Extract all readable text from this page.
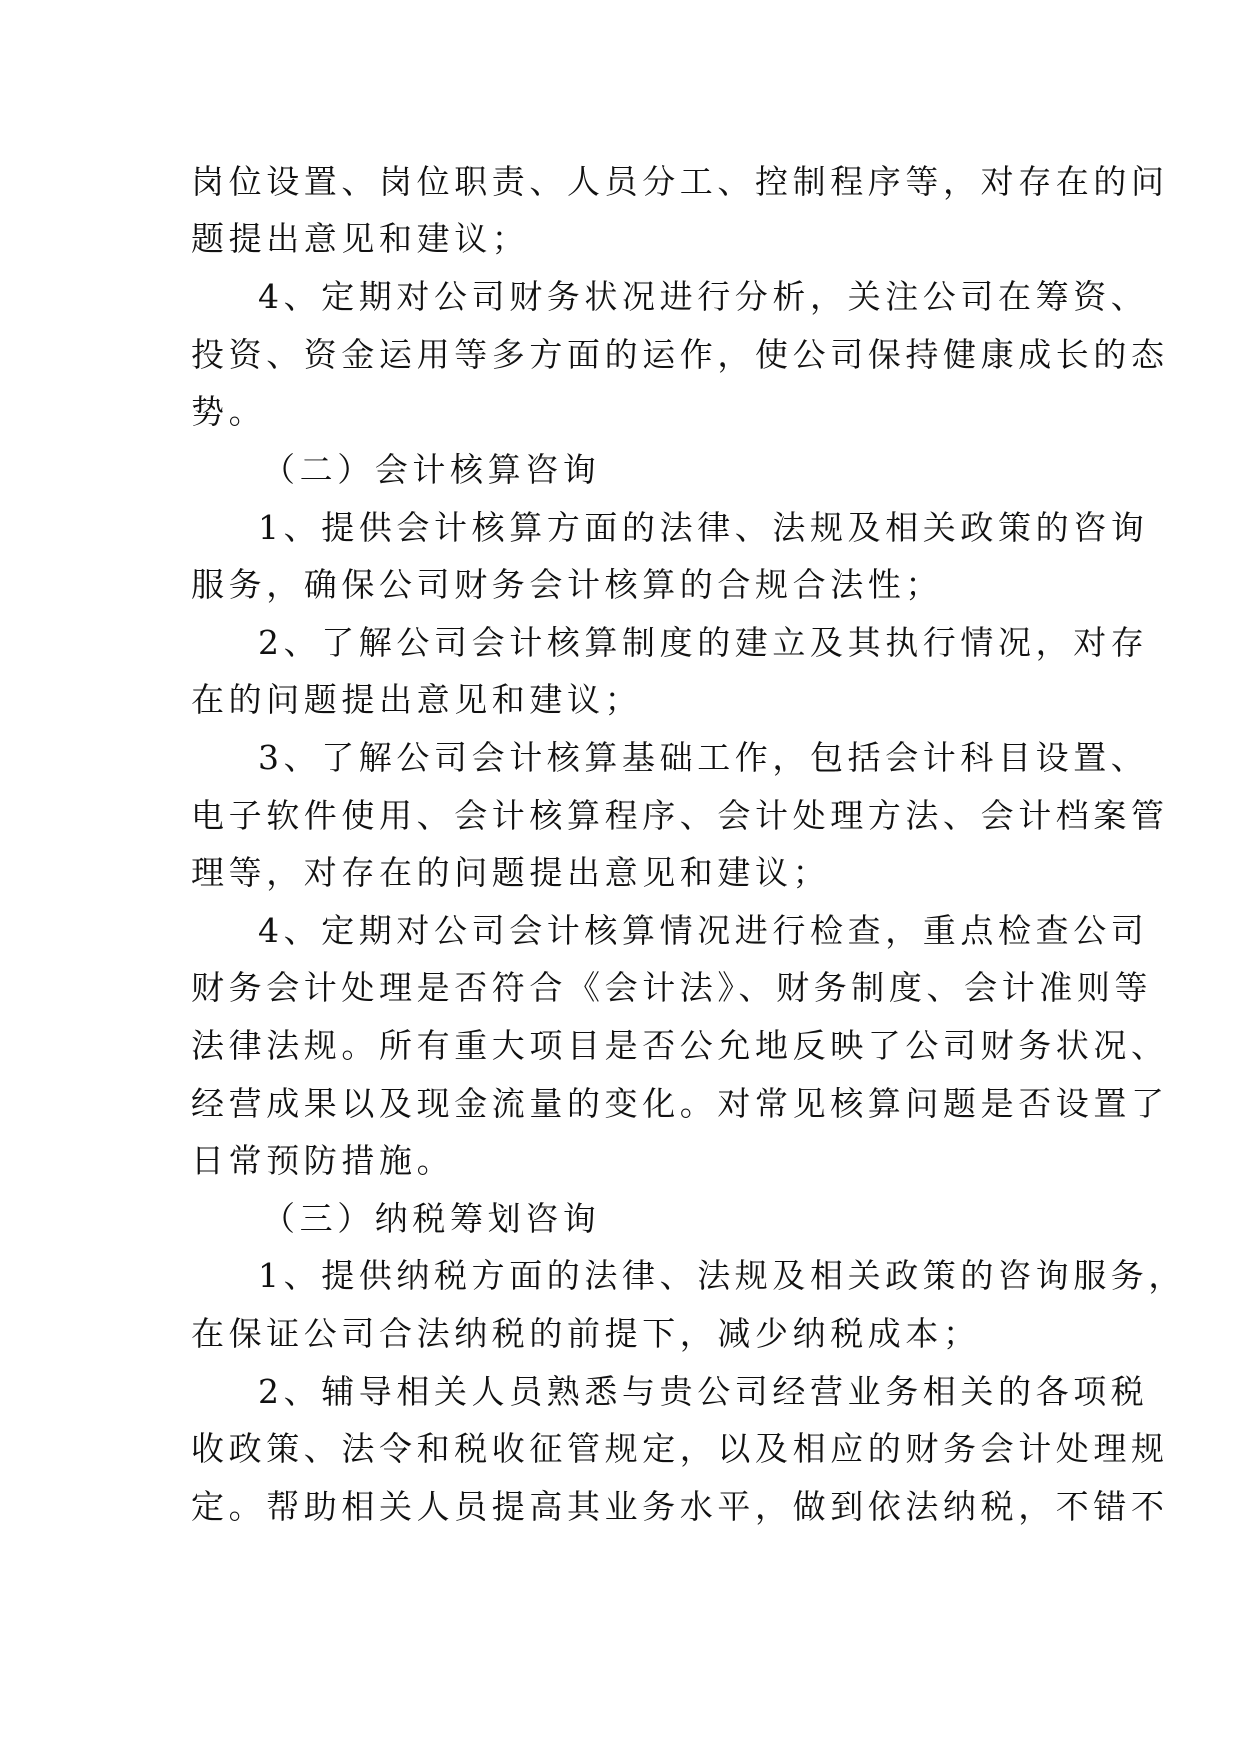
岗位设置、岗位职责、人员分工、控制程序等，对存在的问
题提出意见和建议；
4、定期对公司财务状况进行分析，关注公司在筹资、
投资、资金运用等多方面的运作，使公司保持健康成长的态
势。
（二）会计核算咨询
1、提供会计核算方面的法律、法规及相关政策的咨询
服务，确保公司财务会计核算的合规合法性；
2、了解公司会计核算制度的建立及其执行情况，对存
在的问题提出意见和建议；
3、了解公司会计核算基础工作，包括会计科目设置、
电子软件使用、会计核算程序、会计处理方法、会计档案管
理等，对存在的问题提出意见和建议；
4、定期对公司会计核算情况进行检查，重点检查公司
财务会计处理是否符合《会计法》、财务制度、会计准则等
法律法规。所有重大项目是否公允地反映了公司财务状况、
经营成果以及现金流量的变化。对常见核算问题是否设置了
日常预防措施。
（三）纳税筹划咨询
1、提供纳税方面的法律、法规及相关政策的咨询服务，
在保证公司合法纳税的前提下，减少纳税成本；
2、辅导相关人员熟悉与贵公司经营业务相关的各项税
收政策、法令和税收征管规定，以及相应的财务会计处理规
定。帮助相关人员提高其业务水平，做到依法纳税，不错不
